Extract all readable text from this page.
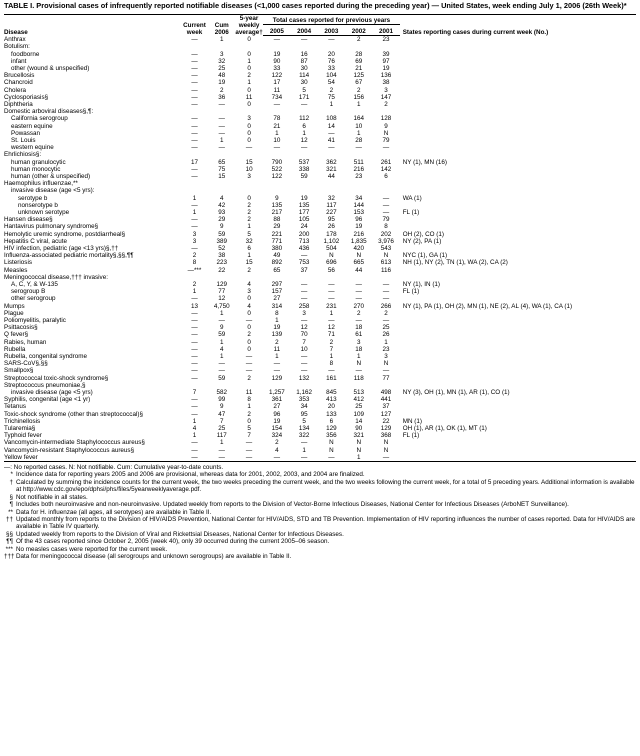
TABLE I. Provisional cases of infrequently reported notifiable diseases (<1,000 cases reported during the preceding year) — United States, week ending July 1, 2006 (26th Week)*
Disease	Current week	Cum 2006	5-year weekly average†	Total cases reported for previous years					States reporting cases during current week (No.)
				2005	2004	2003	2002	2001	
Anthrax	—	1	0	—	—	—	2	23	
Botulism:									
foodborne	—	3	0	19	16	20	28	39	
infant	—	32	1	90	87	76	69	97	
other (wound & unspecified)	—	25	0	33	30	33	21	19	
Brucellosis	—	48	2	122	114	104	125	136	
Chancroid	—	19	1	17	30	54	67	38	
Cholera	—	2	0	11	5	2	2	3	
Cyclosporiasis§	—	36	11	734	171	75	156	147	
Diphtheria	—	—	0	—	—	1	1	2	
Domestic arboviral diseases§,¶:									
California serogroup	—	—	3	78	112	108	164	128	
eastern equine	—	—	0	21	6	14	10	9	
Powassan	—	—	0	1	1	—	1	N	
St. Louis	—	1	0	10	12	41	28	79	
western equine	—	—	—	—	—	—	—	—	
Ehrlichiosis§:									
human granulocytic	17	65	15	790	537	362	511	261	NY (1), MN (16)
human monocytic	—	75	10	522	338	321	216	142	
human (other & unspecified)	—	15	3	122	59	44	23	6	
Haemophilus influenzae,**									
invasive disease (age <5 yrs):									
serotype b	1	4	0	9	19	32	34	—	WA (1)
nonserotype b	—	42	2	135	135	117	144	—	
unknown serotype	1	93	2	217	177	227	153	—	FL (1)
Hansen disease§	—	29	2	88	105	95	96	79	
Hantavirus pulmonary syndrome§	—	9	1	29	24	26	19	8	
Hemolytic uremic syndrome, postdiarrheal§	3	59	5	221	200	178	216	202	OH (2), CO (1)
Hepatitis C viral, acute	3	389	32	771	713	1,102	1,835	3,976	NY (2), PA (1)
HIV infection, pediatric (age <13 yrs)§,††	—	52	6	380	436	504	420	543	
Influenza-associated pediatric mortality§,§§,¶¶	2	38	1	49	—	N	N	N	NYC (1), GA (1)
Listeriosis	8	223	15	892	753	696	665	613	NH (1), NY (2), TN (1), WA (2), CA (2)
Measles	—***	22	2	65	37	56	44	116	
Meningococcal disease,††† invasive:									
A, C, Y, & W-135	2	129	4	297	—	—	—	—	NY (1), IN (1)
serogroup B	1	77	3	157	—	—	—	—	FL (1)
other serogroup	—	12	0	27	—	—	—	—	
Mumps	13	4,750	4	314	258	231	270	266	NY (1), PA (1), OH (2), MN (1), NE (2), AL (4), WA (1), CA (1)
Plague	—	1	0	8	3	1	2	2	
Poliomyelitis, paralytic	—	—	—	1	—	—	—	—	
Psittacosis§	—	9	0	19	12	12	18	25	
Q fever§	—	59	2	139	70	71	61	26	
Rabies, human	—	1	0	2	7	2	3	1	
Rubella	—	4	0	11	10	7	18	23	
Rubella, congenital syndrome	—	1	—	1	—	1	1	3	
SARS-CoV§,§§	—	—	—	—	—	8	N	N	
Smallpox§	—	—	—	—	—	—	—	—	
Streptococcal toxic-shock syndrome§	—	59	2	129	132	161	118	77	
Streptococcus pneumoniae,§									
invasive disease (age <5 yrs)	7	582	11	1,257	1,162	845	513	498	NY (3), OH (1), MN (1), AR (1), CO (1)
Syphilis, congenital (age <1 yr)	—	99	8	361	353	413	412	441	
Tetanus	—	9	1	27	34	20	25	37	
Toxic-shock syndrome (other than streptococcal)§	—	47	2	96	95	133	109	127	
Trichinellosis	1	7	0	19	5	6	14	22	MN (1)
Tularemia§	4	25	5	154	134	129	90	129	OH (1), AR (1), OK (1), MT (1)
Typhoid fever	1	117	7	324	322	356	321	368	FL (1)
Vancomycin-intermediate Staphylococcus aureus§	—	1	—	2	—	N	N	N	
Vancomycin-resistant Staphylococcus aureus§	—	—	—	4	1	N	N	N	
Yellow fever	—	—	—	—	—	—	1	—	
—: No reported cases. N: Not notifiable. Cum: Cumulative year-to-date counts.
* Incidence data for reporting years 2005 and 2006 are provisional, whereas data for 2001, 2002, 2003, and 2004 are finalized.
† Calculated by summing the incidence counts for the current week, the two weeks preceding the current week, and the two weeks following the current week, for a total of 5 preceding years. Additional information is available at http://www.cdc.gov/epo/dphsi/phs/files/5yearweeklyaverage.pdf.
§ Not notifiable in all states.
¶ Includes both neuroinvasive and non-neuroinvasive. Updated weekly from reports to the Division of Vector-Borne Infectious Diseases, National Center for Infectious Diseases (ArboNET Surveillance).
** Data for H. influenzae (all ages, all serotypes) are available in Table II.
†† Updated monthly from reports to the Division of HIV/AIDS Prevention, National Center for HIV/AIDS, STD and TB Prevention. Implementation of HIV reporting influences the number of cases reported. Data for HIV/AIDS are available in Table IV quarterly.
§§ Updated weekly from reports to the Division of Viral and Rickettsial Diseases, National Center for Infectious Diseases.
¶¶ Of the 43 cases reported since October 2, 2005 (week 40), only 39 occurred during the current 2005–06 season.
*** No measles cases were reported for the current week.
††† Data for meningococcal disease (all serogroups and unknown serogroups) are available in Table II.
